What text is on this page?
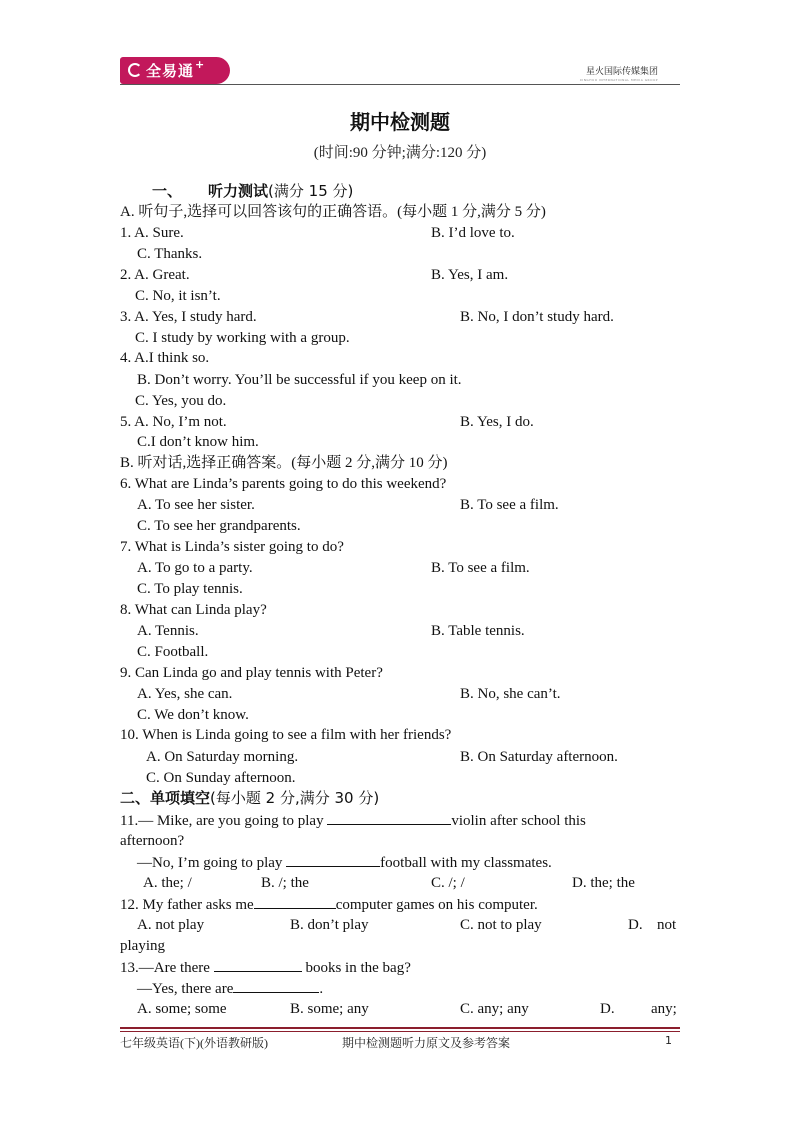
全易通 +
星火国际传媒集团
XINGHUO INTERNATIONAL MEDIA GROUP
期中检测题
(时间:90 分钟;满分:120 分)
一、 听力测试(满分 15 分)
A. 听句子,选择可以回答该句的正确答语。(每小题 1 分,满分 5 分)
1. A. Sure.	B. I’d love to.
C. Thanks.
2. A. Great.	B. Yes, I am.
C. No, it isn’t.
3. A. Yes, I study hard.	B. No, I don’t study hard.
C. I study by working with a group.
4. A.I think so.
B. Don’t worry. You’ll be successful if you keep on it.
C. Yes, you do.
5. A. No, I’m not.	B. Yes, I do.
C.I don’t know him.
B. 听对话,选择正确答案。(每小题 2 分,满分 10 分)
6. What are Linda’s parents going to do this weekend?
A. To see her sister.	B. To see a film.
C. To see her grandparents.
7. What is Linda’s sister going to do?
A. To go to a party.	B. To see a film.
C. To play tennis.
8. What can Linda play?
A. Tennis.	B. Table tennis.
C. Football.
9. Can Linda go and play tennis with Peter?
A. Yes, she can.	B. No, she can’t.
C. We don’t know.
10. When is Linda going to see a film with her friends?
A. On Saturday morning.	B. On Saturday afternoon.
C. On Sunday afternoon.
二、单项填空(每小题 2 分,满分 30 分)
11.— Mike, are you going to play	violin after school this
afternoon?
—No, I’m going to play	football with my classmates.
A. the; /	B. /; the	C. /; /	D. the; the
12. My father asks me	computer games on his computer.
A. not play	B. don’t play	C. not to play	D. not
playing
13.—Are there	books in the bag?
—Yes, there are	.
A. some; some	B. some; any	C. any; any	D. any;
七年级英语(下)(外语教研版)	期中检测题听力原文及参考答案	1
